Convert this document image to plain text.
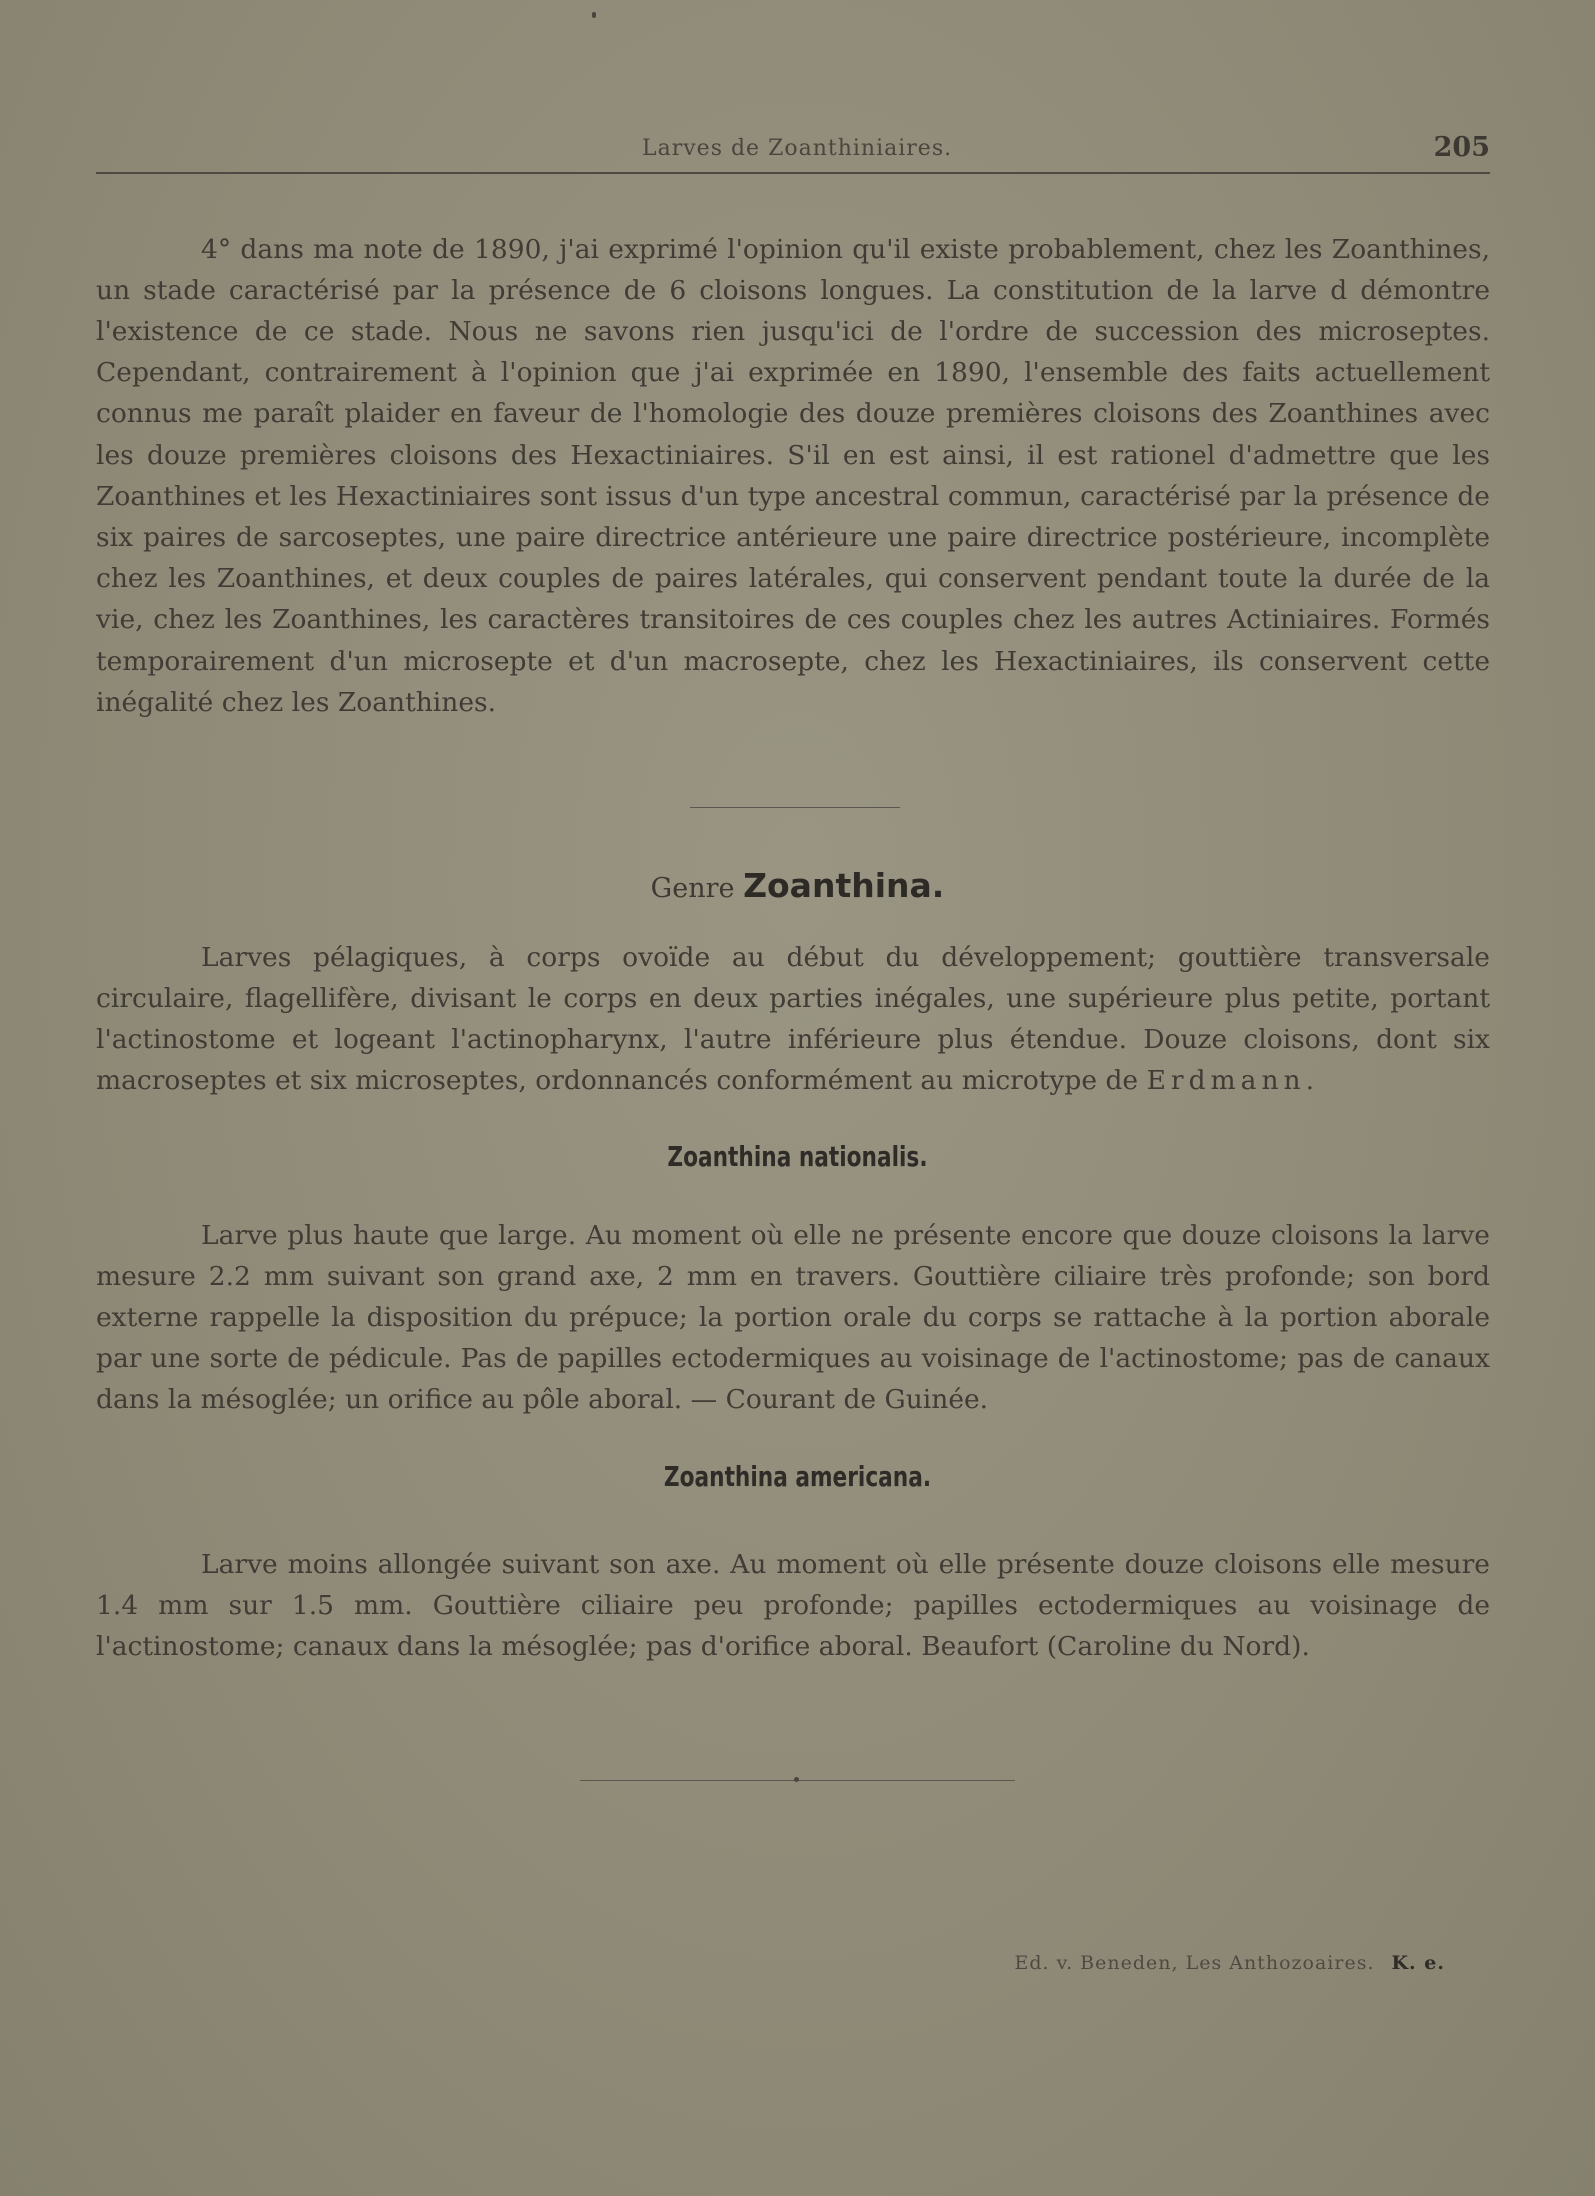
Larves de Zoanthiniaires.	205

4° dans ma note de 1890, j'ai exprimé l'opinion qu'il existe probablement, chez les Zoanthines, un stade caractérisé par la présence de 6 cloisons longues. La constitution de la larve d démontre l'existence de ce stade. Nous ne savons rien jusqu'ici de l'ordre de succession des microseptes. Cependant, contrairement à l'opinion que j'ai exprimée en 1890, l'ensemble des faits actuellement connus me paraît plaider en faveur de l'homologie des douze premières cloisons des Zoanthines avec les douze premières cloisons des Hexactiniaires. S'il en est ainsi, il est rationel d'admettre que les Zoanthines et les Hexactiniaires sont issus d'un type ancestral commun, caractérisé par la présence de six paires de sarcoseptes, une paire directrice antérieure une paire directrice postérieure, incomplète chez les Zoanthines, et deux couples de paires latérales, qui conservent pendant toute la durée de la vie, chez les Zoanthines, les caractères transitoires de ces couples chez les autres Actiniaires. Formés temporairement d'un microsepte et d'un macrosepte, chez les Hexactiniaires, ils conservent cette inégalité chez les Zoanthines.

Genre Zoanthina.

Larves pélagiques, à corps ovoïde au début du développement; gouttière transversale circulaire, flagellifère, divisant le corps en deux parties inégales, une supérieure plus petite, portant l'actinostome et logeant l'actinopharynx, l'autre inférieure plus étendue. Douze cloisons, dont six macroseptes et six microseptes, ordonnancés conformément au microtype de Erdmann.

Zoanthina nationalis.

Larve plus haute que large. Au moment où elle ne présente encore que douze cloisons la larve mesure 2.2 mm suivant son grand axe, 2 mm en travers. Gouttière ciliaire très profonde; son bord externe rappelle la disposition du prépuce; la portion orale du corps se rattache à la portion aborale par une sorte de pédicule. Pas de papilles ectodermiques au voisinage de l'actinostome; pas de canaux dans la mésoglée; un orifice au pôle aboral. — Courant de Guinée.

Zoanthina americana.

Larve moins allongée suivant son axe. Au moment où elle présente douze cloisons elle mesure 1.4 mm sur 1.5 mm. Gouttière ciliaire peu profonde; papilles ectodermiques au voisinage de l'actinostome; canaux dans la mésoglée; pas d'orifice aboral. Beaufort (Caroline du Nord).

Ed. v. Beneden, Les Anthozoaires. K. e.
